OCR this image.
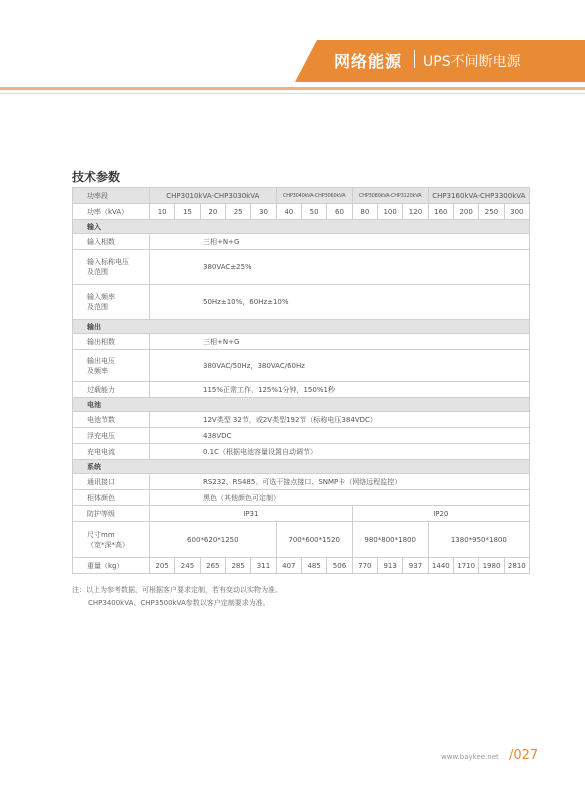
网络能源 UPS不间断电源
技术参数
功率段	CHP3010kVA-CHP3030kVA					CHP3040kVA-CHP3060kVA			CHP3080kVA-CHP3120kVA			CHP3160kVA-CHP3300kVA			
功率（kVA）	10	15	20	25	30	40	50	60	80	100	120	160	200	250	300
输入															
输入相数	三相+N+G														
输入标称电压
及范围	380VAC±25%														
输入频率
及范围	50Hz±10%，60Hz±10%														
输出															
输出相数	三相+N+G														
输出电压
及频率	380VAC/50Hz，380VAC/60Hz														
过载能力	115%正常工作，125%1分钟，150%1秒														
电池															
电池节数	12V类型 32节，或2V类型192节（标称电压384VDC）														
浮充电压	438VDC														
充电电流	0.1C（根据电池容量设置自动调节）														
系统															
通讯接口	RS232、RS485、可选干接点接口、SNMP卡（网络远程监控）														
柜体颜色	黑色（其他颜色可定制）														
防护等级	IP31								IP20						
尺寸mm
（宽*深*高）	600*620*1250					700*600*1520			980*800*1800			1380*950*1800			
重量（kg）	205	245	265	285	311	407	485	506	770	913	937	1440	1710	1980	2810
注：以上为参考数据，可根据客户要求定制，若有变动以实物为准。
CHP3400kVA、CHP3500kVA参数以客户定制要求为准。
www.baykee.net /027
